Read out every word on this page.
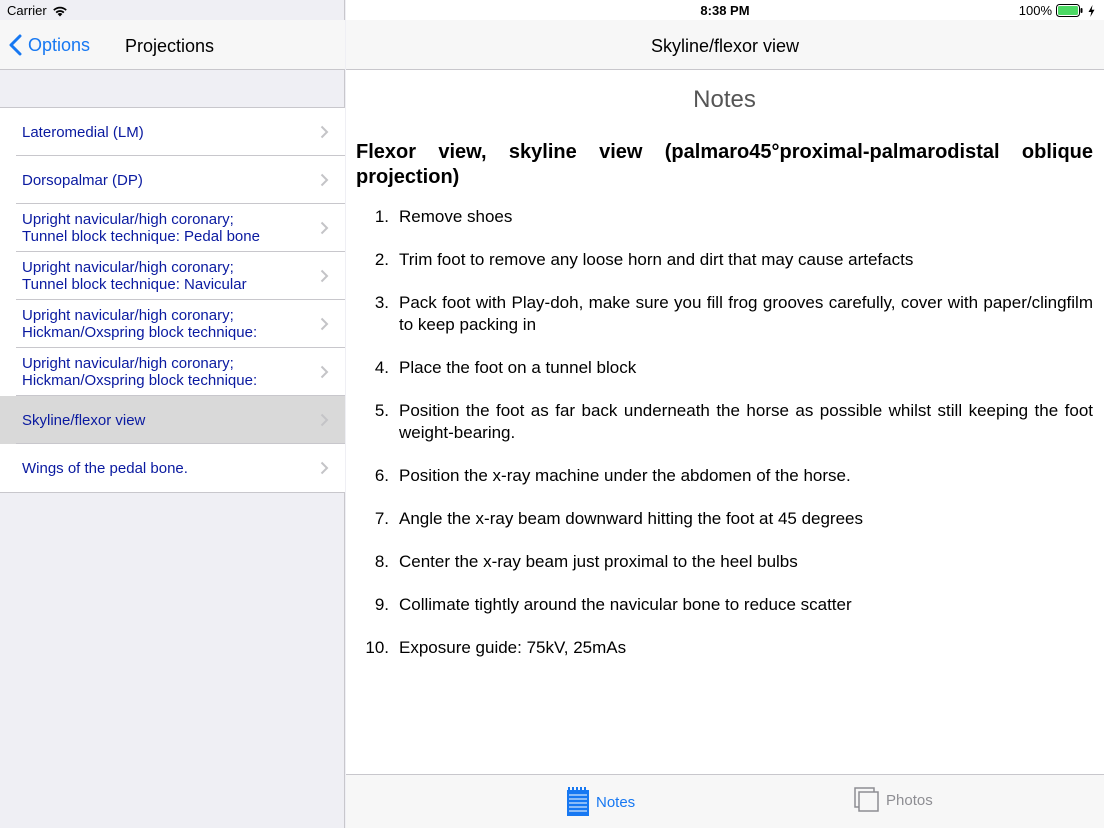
Carrier
Options Projections
Lateromedial (LM)
Dorsopalmar (DP)
Upright navicular/high coronary;
Tunnel block technique: Pedal bone
Upright navicular/high coronary;
Tunnel block technique: Navicular
Upright navicular/high coronary;
Hickman/Oxspring block technique:
Upright navicular/high coronary;
Hickman/Oxspring block technique:
Skyline/flexor view
Wings of the pedal bone.
8:38 PM	100%
Skyline/flexor view
Notes
Flexor view, skyline view (palmaro45°proximal-palmarodistal oblique projection)
1. Remove shoes
2. Trim foot to remove any loose horn and dirt that may cause artefacts
3. Pack foot with Play-doh, make sure you fill frog grooves carefully, cover with paper/clingfilm to keep packing in
4. Place the foot on a tunnel block
5. Position the foot as far back underneath the horse as possible whilst still keeping the foot weight-bearing.
6. Position the x-ray machine under the abdomen of the horse.
7. Angle the x-ray beam downward hitting the foot at 45 degrees
8. Center the x-ray beam just proximal to the heel bulbs
9. Collimate tightly around the navicular bone to reduce scatter
10. Exposure guide: 75kV, 25mAs
Notes	Photos
